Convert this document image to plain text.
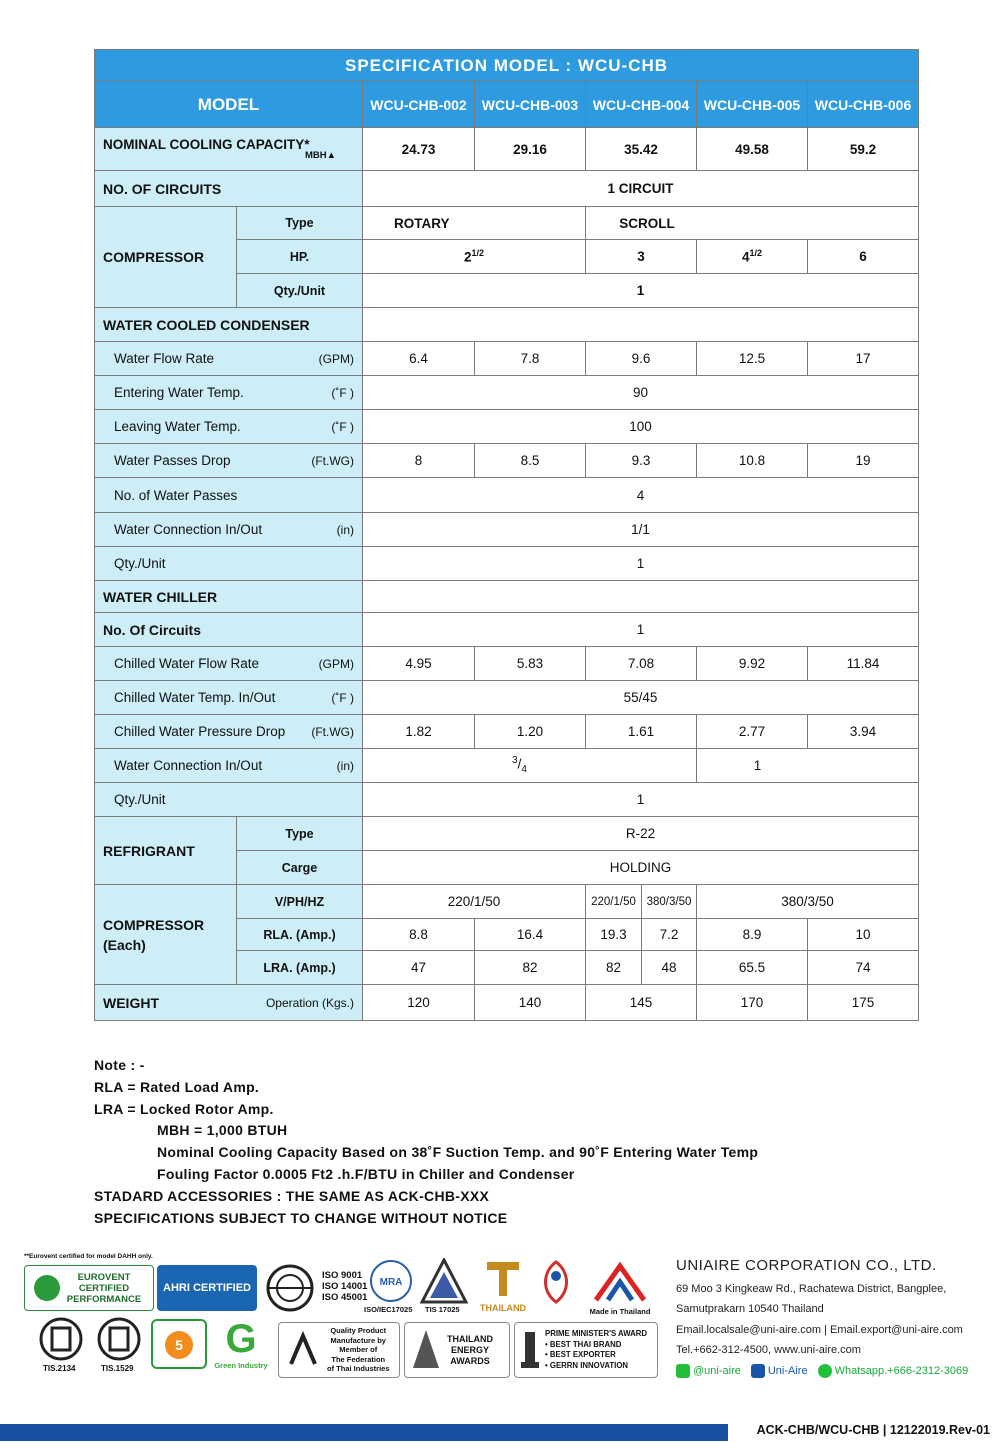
SPECIFICATION MODEL : WCU-CHB							
MODEL		WCU-CHB-002	WCU-CHB-003	WCU-CHB-004		WCU-CHB-005	WCU-CHB-006

NOMINAL COOLING CAPACITY*
MBH▲		24.73	29.16	35.42		49.58	59.2

NO. OF CIRCUITS		1 CIRCUIT					

COMPRESSOR	Type	ROTARY		SCROLL			
	HP.	$2^{1/2}$		3		$4^{1/2}$	6
	Qty./Unit	1					

WATER COOLED CONDENSER							

Water Flow Rate (GPM)		6.4	7.8	9.6		12.5	17

Entering Water Temp. (˚F )		90					

Leaving Water Temp. (˚F )		100					

Water Passes Drop (Ft.WG)		8	8.5	9.3		10.8	19

No. of Water Passes		4					

Water Connection In/Out (in)		1/1					

Qty./Unit		1					

WATER CHILLER							

No. Of Circuits		1					

Chilled Water Flow Rate (GPM)		4.95	5.83	7.08		9.92	11.84

Chilled Water Temp. In/Out (˚F )		55/45					

Chilled Water Pressure Drop (Ft.WG)		1.82	1.20	1.61		2.77	3.94

Water Connection In/Out (in)		$^3/_4$				1	

Qty./Unit		1					

REFRIGRANT	Type	R-22					
	Carge	HOLDING					

COMPRESSOR
(Each)	V/PH/HZ	220/1/50		220/1/50	380/3/50	380/3/50	
	RLA. (Amp.)	8.8	16.4	19.3	7.2	8.9	10
	LRA. (Amp.)	47	82	82	48	65.5	74

WEIGHT Operation (Kgs.)		120	140	145		170	175
Note : -
RLA = Rated Load Amp.
LRA = Locked Rotor Amp.
MBH = 1,000 BTUH
Nominal Cooling Capacity Based on 38˚F Suction Temp. and 90˚F Entering Water Temp
Fouling Factor 0.0005 Ft2 .h.F/BTU in Chiller and Condenser
STADARD ACCESSORIES : THE SAME AS ACK-CHB-XXX
SPECIFICATIONS SUBJECT TO CHANGE WITHOUT NOTICE
**Eurovent certified for model DAHH only.
EUROVENT CERTIFIED PERFORMANCE
AHRI CERTIFIED
ISO 9001
ISO 14001
ISO 45001
MRA
ISO/IEC17025 TIS 17025	THAILAND	Made in Thailand
TIS.2134	TIS.1529
5 G
Green Industry
Quality Product
Manufacture by
Member of
The Federation
of Thai Industries
THAILAND
ENERGY
AWARDS
PRIME MINISTER'S AWARD
• BEST THAI BRAND
• BEST EXPORTER
• GERRN INNOVATION
UNIAIRE CORPORATION CO., LTD.
69 Moo 3 Kingkeaw Rd., Rachatewa District, Bangplee,
Samutprakarn 10540 Thailand
Email.localsale@uni-aire.com | Email.export@uni-aire.com
Tel.+662-312-4500, www.uni-aire.com
@uni-aire	Uni-Aire	Whatsapp.+666-2312-3069
ACK-CHB/WCU-CHB | 12122019.Rev-01
